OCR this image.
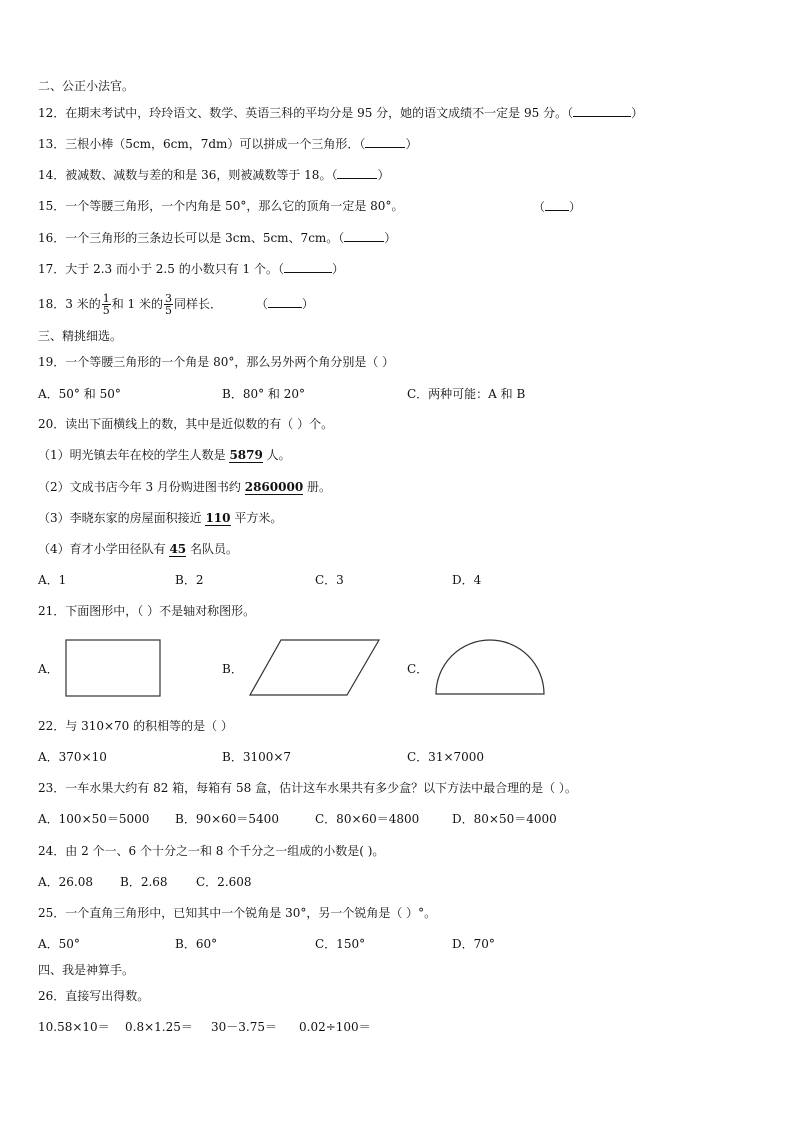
二、公正小法官。
12．在期末考试中，玲玲语文、数学、英语三科的平均分是 95 分，她的语文成绩不一定是 95 分。（	）
13．三根小棒（5cm，6cm，7dm）可以拼成一个三角形．（	）
14．被减数、减数与差的和是 36，则被减数等于 18。（	）
15．一个等腰三角形，一个内角是 50°，那么它的顶角一定是 80°。	（ ）
16．一个三角形的三条边长可以是 3cm、5cm、7cm。（	）
17．大于 2.3 而小于 2.5 的小数只有 1 个。（	）
18．3 米的 $\frac{1}{5}$ 和 1 米的 $\frac{3}{5}$ 同样长．	（	）
三、精挑细选。
19．一个等腰三角形的一个角是 80°，那么另外两个角分别是（ ）
A．50° 和 50°	B．80° 和 20°	C．两种可能：A 和 B
20．读出下面横线上的数，其中是近似数的有（ ）个。
（1）明光镇去年在校的学生人数是 5879 人。
（2）文成书店今年 3 月份购进图书约 2860000 册。
（3）李晓东家的房屋面积接近 110 平方米。
（4）育才小学田径队有 45 名队员。
A．1	B．2	C．3	D．4
21．下面图形中，（ ）不是轴对称图形。
A．	B．	C．
22．与 310×70 的积相等的是（ ）
A．370×10	B．3100×7	C．31×7000
23．一车水果大约有 82 箱，每箱有 58 盒，估计这车水果共有多少盒？以下方法中最合理的是（ ）。
A．100×50＝5000 B．90×60＝5400	C．80×60＝4800	D．80×50＝4000
24．由 2 个一、6 个十分之一和 8 个千分之一组成的小数是( )。
A．26.08 B．2.68 C．2.608
25．一个直角三角形中，已知其中一个锐角是 30°，另一个锐角是（ ）°。
A．50°	B．60°	C．150°	D．70°
四、我是神算手。
26．直接写出得数。
10.58×10＝ 0.8×1.25＝ 30－3.75＝ 0.02÷100＝
